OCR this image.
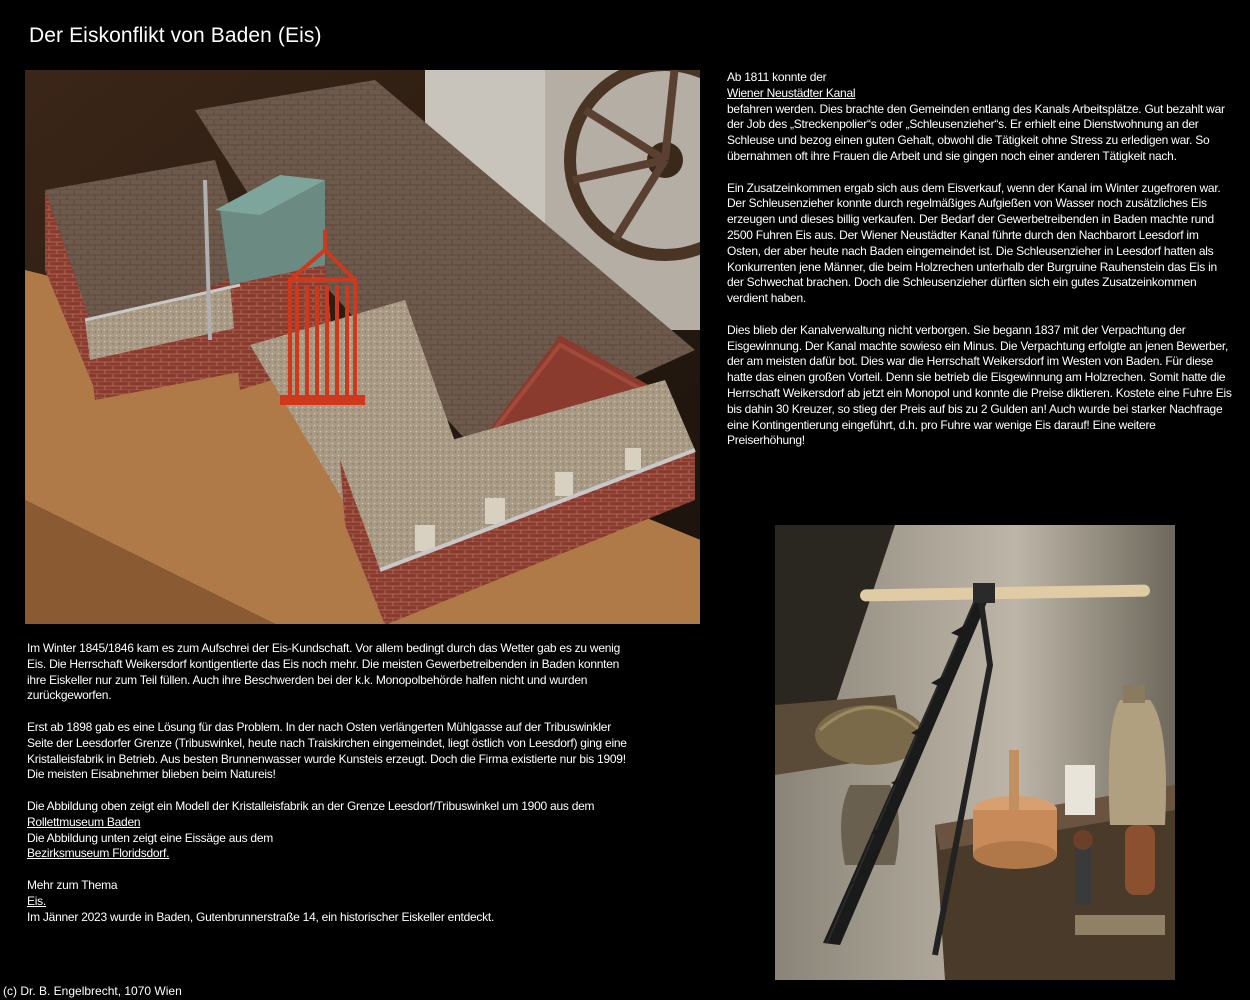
Der Eiskonflikt von Baden (Eis)

Ab 1811 konnte der
Wiener Neustädter Kanal
befahren werden. Dies brachte den Gemeinden entlang des Kanals Arbeitsplätze. Gut bezahlt war der Job des „Streckenpolier“s oder „Schleusenzieher“s. Er erhielt eine Dienstwohnung an der Schleuse und bezog einen guten Gehalt, obwohl die Tätigkeit ohne Stress zu erledigen war. So übernahmen oft ihre Frauen die Arbeit und sie gingen noch einer anderen Tätigkeit nach.

Ein Zusatzeinkommen ergab sich aus dem Eisverkauf, wenn der Kanal im Winter zugefroren war. Der Schleusenzieher konnte durch regelmäßiges Aufgießen von Wasser noch zusätzliches Eis erzeugen und dieses billig verkaufen. Der Bedarf der Gewerbetreibenden in Baden machte rund 2500 Fuhren Eis aus. Der Wiener Neustädter Kanal führte durch den Nachbarort Leesdorf im Osten, der aber heute nach Baden eingemeindet ist. Die Schleusenzieher in Leesdorf hatten als Konkurrenten jene Männer, die beim Holzrechen unterhalb der Burgruine Rauhenstein das Eis in der Schwechat brachen. Doch die Schleusenzieher dürften sich ein gutes Zusatzeinkommen verdient haben.

Dies blieb der Kanalverwaltung nicht verborgen. Sie begann 1837 mit der Verpachtung der Eisgewinnung. Der Kanal machte sowieso ein Minus. Die Verpachtung erfolgte an jenen Bewerber, der am meisten dafür bot. Dies war die Herrschaft Weikersdorf im Westen von Baden. Für diese hatte das einen großen Vorteil. Denn sie betrieb die Eisgewinnung am Holzrechen. Somit hatte die Herrschaft Weikersdorf ab jetzt ein Monopol und konnte die Preise diktieren. Kostete eine Fuhre Eis bis dahin 30 Kreuzer, so stieg der Preis auf bis zu 2 Gulden an! Auch wurde bei starker Nachfrage eine Kontingentierung eingeführt, d.h. pro Fuhre war wenige Eis darauf! Eine weitere Preiserhöhung!

Im Winter 1845/1846 kam es zum Aufschrei der Eis-Kundschaft. Vor allem bedingt durch das Wetter gab es zu wenig Eis. Die Herrschaft Weikersdorf kontigentierte das Eis noch mehr. Die meisten Gewerbetreibenden in Baden konnten ihre Eiskeller nur zum Teil füllen. Auch ihre Beschwerden bei der k.k. Monopolbehörde halfen nicht und wurden zurückgeworfen.

Erst ab 1898 gab es eine Lösung für das Problem. In der nach Osten verlängerten Mühlgasse auf der Tribuswinkler Seite der Leesdorfer Grenze (Tribuswinkel, heute nach Traiskirchen eingemeindet, liegt östlich von Leesdorf) ging eine Kristalleisfabrik in Betrieb. Aus besten Brunnenwasser wurde Kunsteis erzeugt. Doch die Firma existierte nur bis 1909! Die meisten Eisabnehmer blieben beim Natureis!

Die Abbildung oben zeigt ein Modell der Kristalleisfabrik an der Grenze Leesdorf/Tribuswinkel um 1900 aus dem
Rollettmuseum Baden
Die Abbildung unten zeigt eine Eissäge aus dem
Bezirksmuseum Floridsdorf.

Mehr zum Thema
Eis.
Im Jänner 2023 wurde in Baden, Gutenbrunnerstraße 14, ein historischer Eiskeller entdeckt.

(c) Dr. B. Engelbrecht, 1070 Wien
